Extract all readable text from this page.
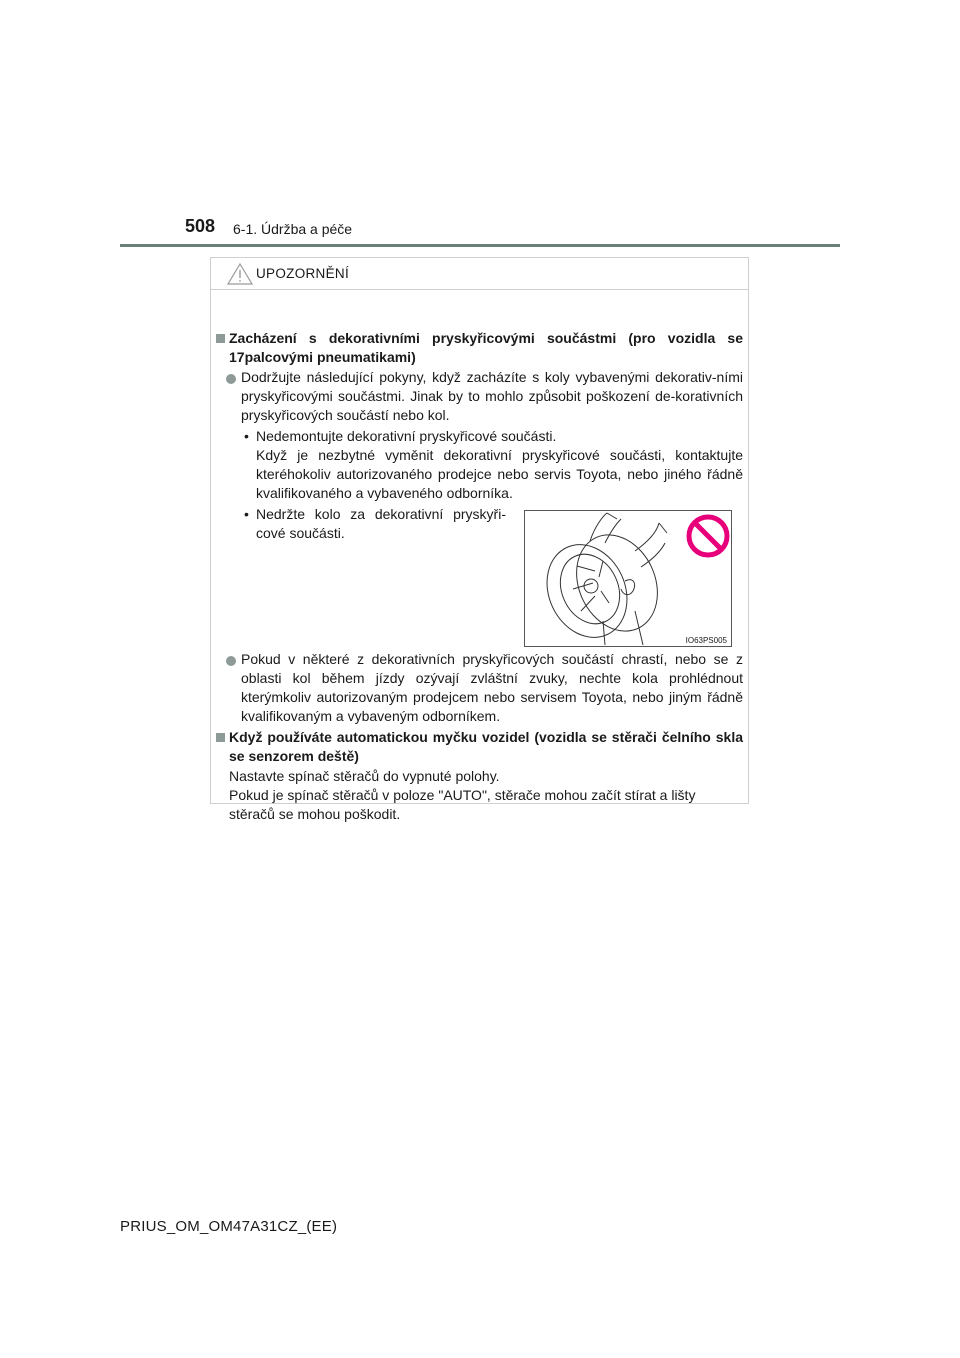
508 6-1. Údržba a péče
UPOZORNĚNÍ
Zacházení s dekorativními pryskyřicovými součástmi (pro vozidla se 17palcovými pneumatikami)
Dodržujte následující pokyny, když zacházíte s koly vybavenými dekorativ-ními pryskyřicovými součástmi. Jinak by to mohlo způsobit poškození de-korativních pryskyřicových součástí nebo kol.
• Nedemontujte dekorativní pryskyřicové součásti.
Když je nezbytné vyměnit dekorativní pryskyřicové součásti, kontaktujte kteréhokoliv autorizovaného prodejce nebo servis Toyota, nebo jiného řádně kvalifikovaného a vybaveného odborníka.
• Nedržte kolo za dekorativní pryskyři-cové součásti.
IO63PS005
Pokud v některé z dekorativních pryskyřicových součástí chrastí, nebo se z oblasti kol během jízdy ozývají zvláštní zvuky, nechte kola prohlédnout kterýmkoliv autorizovaným prodejcem nebo servisem Toyota, nebo jiným řádně kvalifikovaným a vybaveným odborníkem.
Když používáte automatickou myčku vozidel (vozidla se stěrači čelního skla se senzorem deště)
Nastavte spínač stěračů do vypnuté polohy.
Pokud je spínač stěračů v poloze "AUTO", stěrače mohou začít stírat a lišty stěračů se mohou poškodit.
PRIUS_OM_OM47A31CZ_(EE)
